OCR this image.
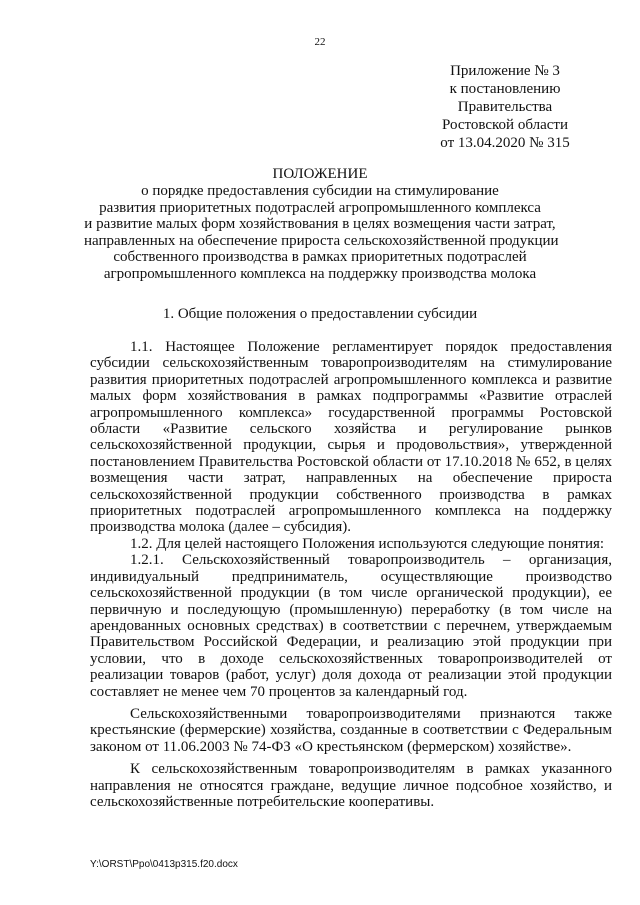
22
Приложение № 3
к постановлению
Правительства
Ростовской области
от 13.04.2020 № 315
ПОЛОЖЕНИЕ
о порядке предоставления субсидии на стимулирование
развития приоритетных подотраслей агропромышленного комплекса
и развитие малых форм хозяйствования в целях возмещения части затрат,
направленных на обеспечение прироста сельскохозяйственной продукции
собственного производства в рамках приоритетных подотраслей
агропромышленного комплекса на поддержку производства молока
1. Общие положения о предоставлении субсидии

1.1. Настоящее Положение регламентирует порядок предоставления субсидии сельскохозяйственным товаропроизводителям на стимулирование развития приоритетных подотраслей агропромышленного комплекса и развитие малых форм хозяйствования в рамках подпрограммы «Развитие отраслей агропромышленного комплекса» государственной программы Ростовской области «Развитие сельского хозяйства и регулирование рынков сельскохозяйственной продукции, сырья и продовольствия», утвержденной постановлением Правительства Ростовской области от 17.10.2018 № 652, в целях возмещения части затрат, направленных на обеспечение прироста сельскохозяйственной продукции собственного производства в рамках приоритетных подотраслей агропромышленного комплекса на поддержку производства молока (далее – субсидия).

1.2. Для целей настоящего Положения используются следующие понятия:

1.2.1. Сельскохозяйственный товаропроизводитель – организация, индивидуальный предприниматель, осуществляющие производство сельскохозяйственной продукции (в том числе органической продукции), ее первичную и последующую (промышленную) переработку (в том числе на арендованных основных средствах) в соответствии с перечнем, утверждаемым Правительством Российской Федерации, и реализацию этой продукции при условии, что в доходе сельскохозяйственных товаропроизводителей от реализации товаров (работ, услуг) доля дохода от реализации этой продукции составляет не менее чем 70 процентов за календарный год.

Сельскохозяйственными товаропроизводителями признаются также крестьянские (фермерские) хозяйства, созданные в соответствии с Федеральным законом от 11.06.2003 № 74-ФЗ «О крестьянском (фермерском) хозяйстве».

К сельскохозяйственным товаропроизводителям в рамках указанного направления не относятся граждане, ведущие личное подсобное хозяйство, и сельскохозяйственные потребительские кооперативы.

Y:\ORST\Ppo\0413p315.f20.docx
